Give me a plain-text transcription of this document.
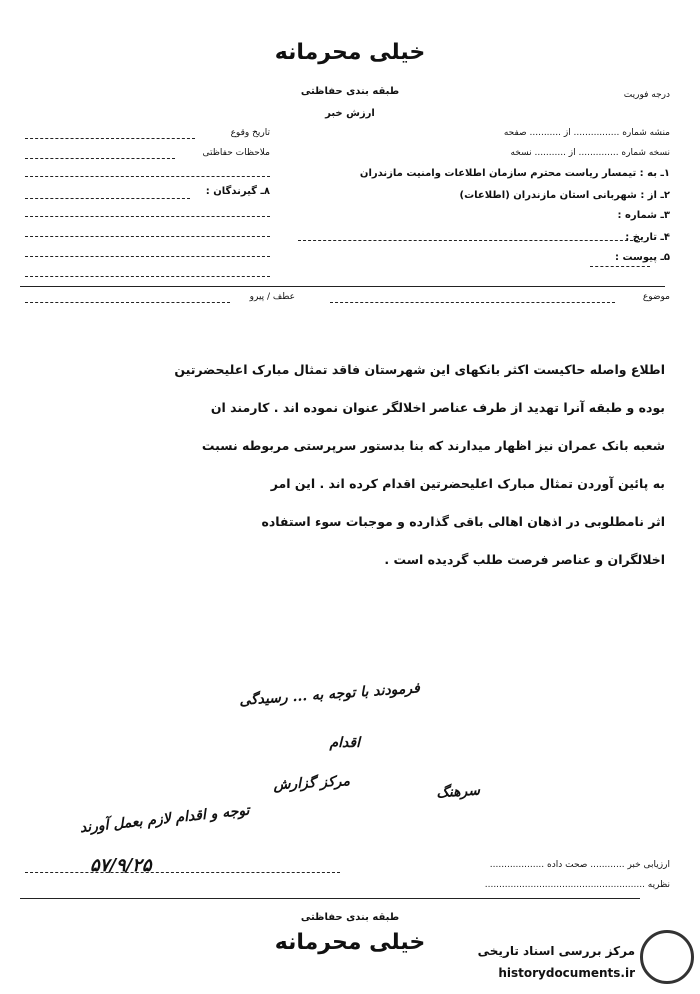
خیلی محرمانه
طبقه بندی حفاظتی
ارزش خبر
درجه فوریت
منشه شماره ................ از ........... صفحه
نسخه شماره .............. از ........... نسخه
۱ـ به : تیمسار ریاست محترم سازمان اطلاعات وامنیت مازندران
۲ـ از : شهربانی استان مازندران (اطلاعات)
۳ـ شماره :
۴ـ تاریخ :
۵ـ پیوست :
تاریخ وقوع
ملاحظات حفاظتی
۸ـ گیرندگان :
موضوع
عطف / پیرو
اطلاع واصله حاکیست اکثر بانکهای این شهرستان فاقد تمثال مبارک اعلیحضرتین
بوده و طبقه آنرا تهدید از طرف عناصر اخلالگر عنوان نموده اند . کارمند ان
شعبه بانک عمران نیز اظهار میدارند که بنا بدستور سرپرستی مربوطه نسبت
به پائین آوردن تمثال مبارک اعلیحضرتین اقدام کرده اند . این امر
اثر نامطلوبی در اذهان اهالی باقی گذارده و موجبات سوء استفاده
اخلالگران و عناصر فرصت طلب گردیده است .
فرمودند با توجه به ... رسیدگی
اقدام
مرکز گزارش	سرهنگ
توجه و اقدام لازم بعمل آورند
۵۷/۹/۲۵	ارزیابی خبر ............ صحت داده ...................
نظریه ........................................................
طبقه بندی حفاظتی
خیلی محرمانه	مرکز بررسی اسناد تاریخی
historydocuments.ir
